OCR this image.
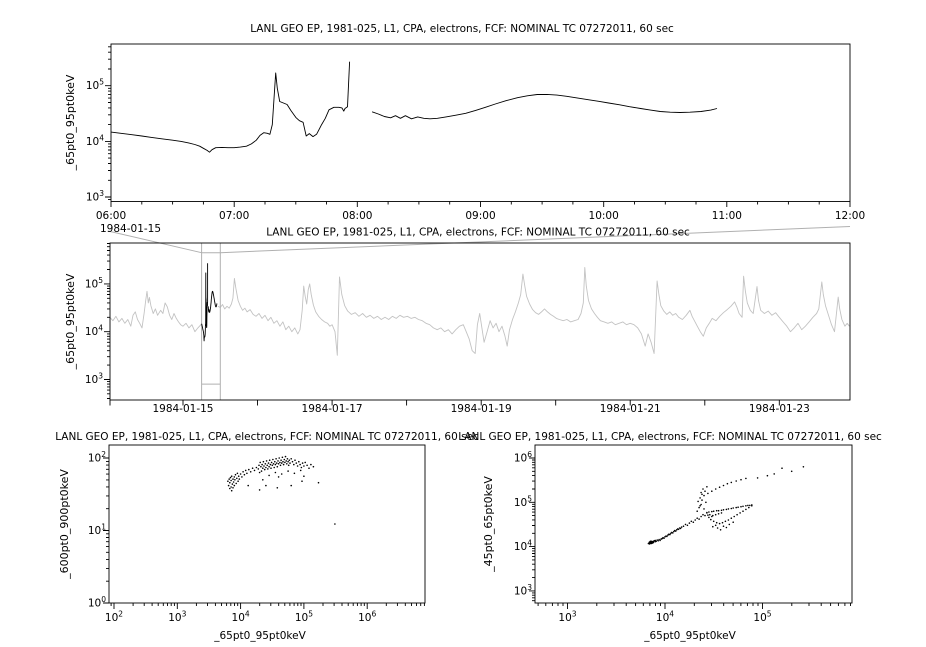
06:00	07:00	08:00	09:00	10:00	11:00	12:00
$10^3$
$10^4$
$10^5$
1984-01-15	1984-01-17	1984-01-19	1984-01-21	1984-01-23
$10^3$
$10^4$
$10^5$
$10^2$	$10^3$	$10^4$	$10^5$	$10^6$
$10^0$
$10^1$
$10^2$
$10^3$	$10^4$	$10^5$
$10^3$
$10^4$
$10^5$
$10^6$
LANL GEO EP, 1981-025, L1, CPA, electrons, FCF: NOMINAL TC 07272011, 60 sec
LANL GEO EP, 1981-025, L1, CPA, electrons, FCF: NOMINAL TC 07272011, 60 sec
LANL GEO EP, 1981-025, L1, CPA, electrons, FCF: NOMINAL TC 07272011, 60 sec
LANL GEO EP, 1981-025, L1, CPA, electrons, FCF: NOMINAL TC 07272011, 60 sec
1984-01-15
_65pt0_95pt0keV
_65pt0_95pt0keV
_600pt0_900pt0keV	_45pt0_65pt0keV
_65pt0_95pt0keV	_65pt0_95pt0keV
